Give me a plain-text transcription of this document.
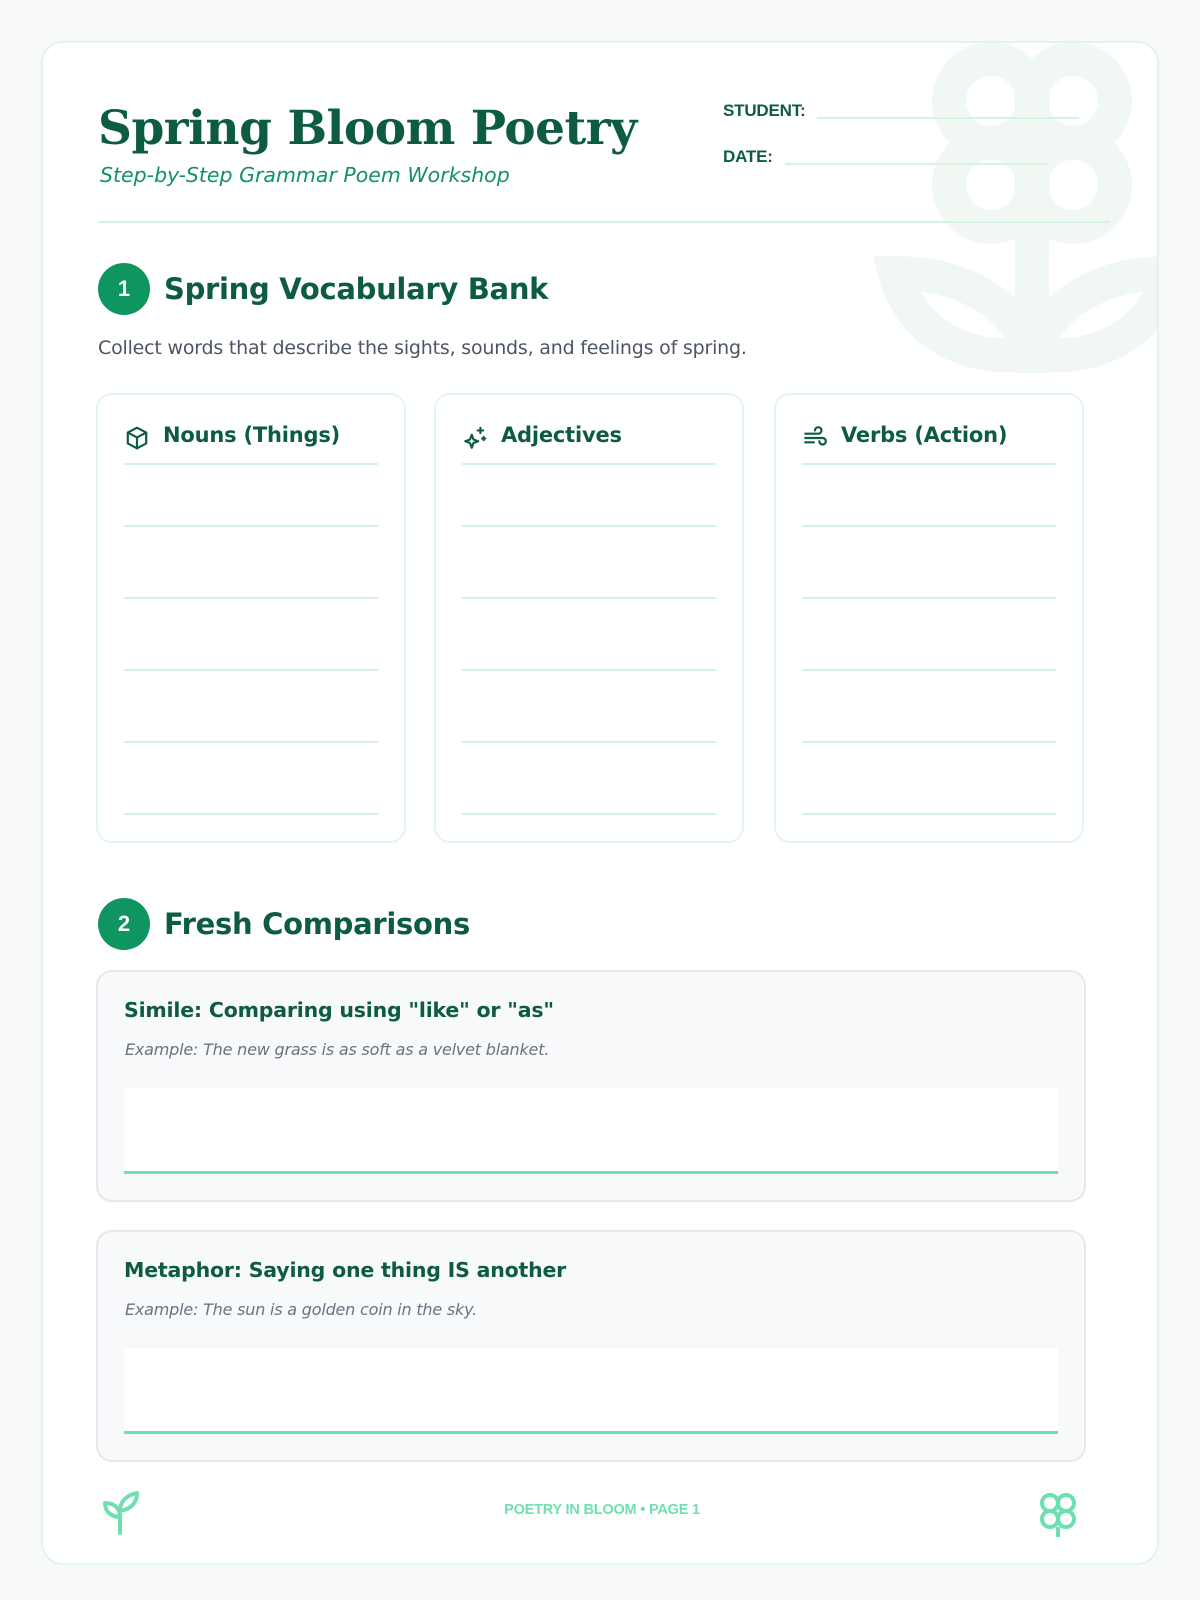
Spring Bloom Poetry
Step-by-Step Grammar Poem Workshop
STUDENT:
DATE:
1	Spring Vocabulary Bank
Collect words that describe the sights, sounds, and feelings of spring.
Nouns (Things)	Adjectives	Verbs (Action)
2	Fresh Comparisons
Simile: Comparing using "like" or "as"
Example: The new grass is as soft as a velvet blanket.
Metaphor: Saying one thing IS another
Example: The sun is a golden coin in the sky.
POETRY IN BLOOM • PAGE 1
